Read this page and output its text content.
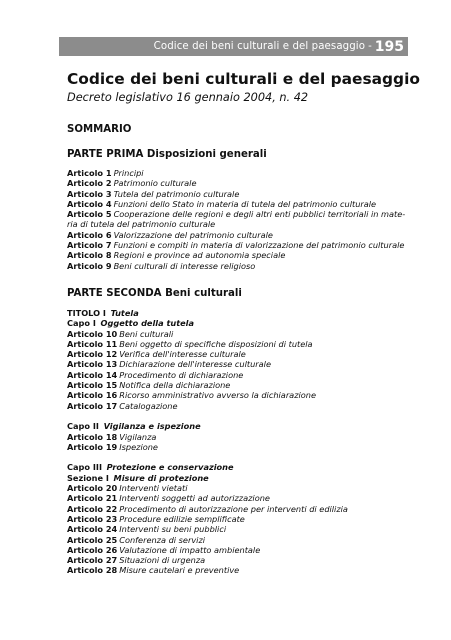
Codice dei beni culturali e del paesaggio - 195
Codice dei beni culturali e del paesaggio
Decreto legislativo 16 gennaio 2004, n. 42
SOMMARIO
PARTE PRIMA Disposizioni generali
Articolo 1 Principi
Articolo 2 Patrimonio culturale
Articolo 3 Tutela del patrimonio culturale
Articolo 4 Funzioni dello Stato in materia di tutela del patrimonio culturale
Articolo 5 Cooperazione delle regioni e degli altri enti pubblici territoriali in mate-
ria di tutela del patrimonio culturale
Articolo 6 Valorizzazione del patrimonio culturale
Articolo 7 Funzioni e compiti in materia di valorizzazione del patrimonio culturale
Articolo 8 Regioni e province ad autonomia speciale
Articolo 9 Beni culturali di interesse religioso
PARTE SECONDA Beni culturali
TITOLO I Tutela
Capo I Oggetto della tutela
Articolo 10 Beni culturali
Articolo 11 Beni oggetto di specifiche disposizioni di tutela
Articolo 12 Verifica dell'interesse culturale
Articolo 13 Dichiarazione dell'interesse culturale
Articolo 14 Procedimento di dichiarazione
Articolo 15 Notifica della dichiarazione
Articolo 16 Ricorso amministrativo avverso la dichiarazione
Articolo 17 Catalogazione
Capo II Vigilanza e ispezione
Articolo 18 Vigilanza
Articolo 19 Ispezione
Capo III Protezione e conservazione
Sezione I Misure di protezione
Articolo 20 Interventi vietati
Articolo 21 Interventi soggetti ad autorizzazione
Articolo 22 Procedimento di autorizzazione per interventi di edilizia
Articolo 23 Procedure edilizie semplificate
Articolo 24 Interventi su beni pubblici
Articolo 25 Conferenza di servizi
Articolo 26 Valutazione di impatto ambientale
Articolo 27 Situazioni di urgenza
Articolo 28 Misure cautelari e preventive
